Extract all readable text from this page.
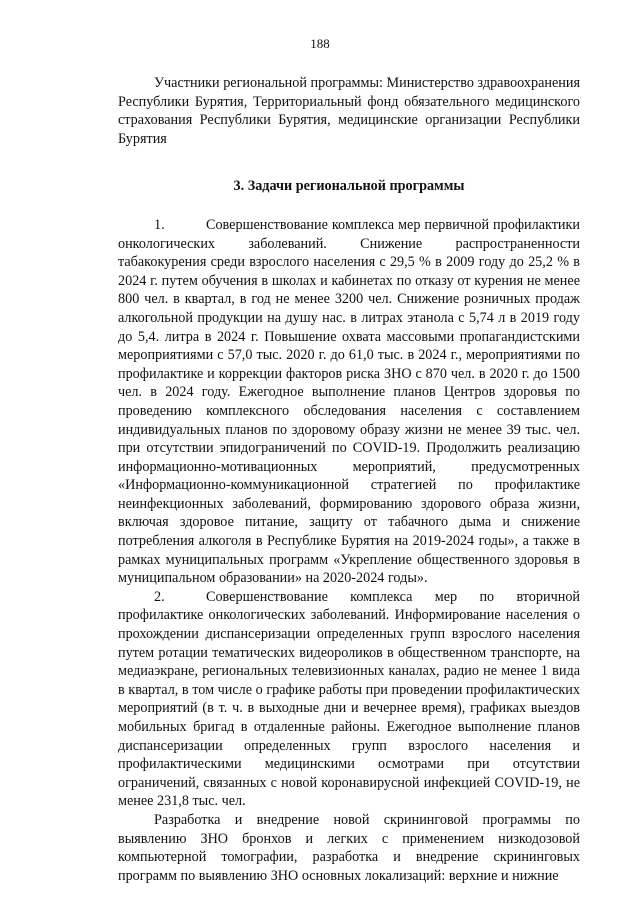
188

Участники региональной программы: Министерство здравоохранения Республики Бурятия, Территориальный фонд обязательного медицинского страхования Республики Бурятия, медицинские организации Республики Бурятия

3. Задачи региональной программы

1.	Совершенствование комплекса мер первичной профилактики онкологических заболеваний. Снижение распространенности табакокурения среди взрослого населения с 29,5 % в 2009 году до 25,2 % в 2024 г. путем обучения в школах и кабинетах по отказу от курения не менее 800 чел. в квартал, в год не менее 3200 чел. Снижение розничных продаж алкогольной продукции на душу нас. в литрах этанола с 5,74 л в 2019 году до 5,4. литра в 2024 г. Повышение охвата массовыми пропагандистскими мероприятиями с 57,0 тыс. 2020 г. до 61,0 тыс. в 2024 г., мероприятиями по профилактике и коррекции факторов риска ЗНО с 870 чел. в 2020 г. до 1500 чел. в 2024 году. Ежегодное выполнение планов Центров здоровья по проведению комплексного обследования населения с составлением индивидуальных планов по здоровому образу жизни не менее 39 тыс. чел. при отсутствии эпидограничений по COVID-19. Продолжить реализацию информационно-мотивационных мероприятий, предусмотренных «Информационно-коммуникационной стратегией по профилактике неинфекционных заболеваний, формированию здорового образа жизни, включая здоровое питание, защиту от табачного дыма и снижение потребления алкоголя в Республике Бурятия на 2019-2024 годы», а также в рамках муниципальных программ «Укрепление общественного здоровья в муниципальном образовании» на 2020-2024 годы».

2.	Совершенствование комплекса мер по вторичной профилактике онкологических заболеваний. Информирование населения о прохождении диспансеризации определенных групп взрослого населения путем ротации тематических видеороликов в общественном транспорте, на медиаэкране, региональных телевизионных каналах, радио не менее 1 вида в квартал, в том числе о графике работы при проведении профилактических мероприятий (в т. ч. в выходные дни и вечернее время), графиках выездов мобильных бригад в отдаленные районы. Ежегодное выполнение планов диспансеризации определенных групп взрослого населения и профилактическими медицинскими осмотрами при отсутствии ограничений, связанных с новой коронавирусной инфекцией COVID-19, не менее 231,8 тыс. чел.

Разработка и внедрение новой скрининговой программы по выявлению ЗНО бронхов и легких с применением низкодозовой компьютерной томографии, разработка и внедрение скрининговых программ по выявлению ЗНО основных локализаций: верхние и нижние
